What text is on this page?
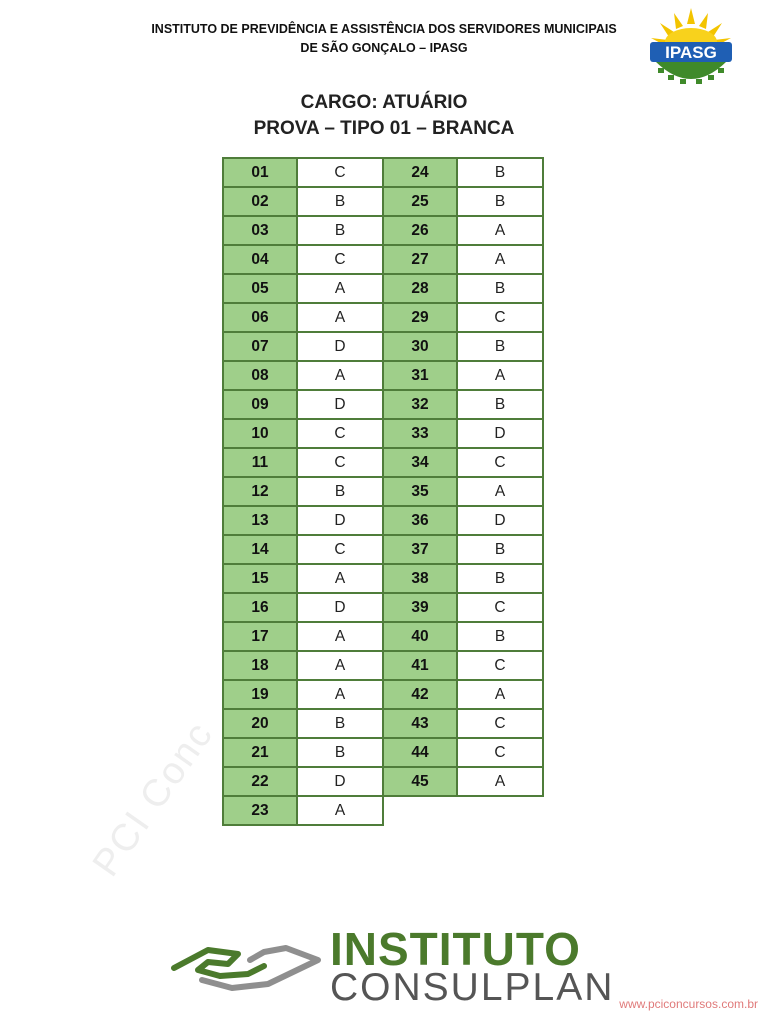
INSTITUTO DE PREVIDÊNCIA E ASSISTÊNCIA DOS SERVIDORES MUNICIPAIS
DE SÃO GONÇALO – IPASG	IPASG
CARGO: ATUÁRIO
PROVA – TIPO 01 – BRANCA
01	C	24	B
02	B	25	B
03	B	26	A
04	C	27	A
05	A	28	B
06	A	29	C
07	D	30	B
08	A	31	A
09	D	32	B
10	C	33	D
11	C	34	C
12	B	35	A
13	D	36	D
14	C	37	B
15	A	38	B
16	D	39	C
17	A	40	B
18	A	41	C
19	A	42	A
20	B	43	C
21	B	44	C
22	D	45	A
23	A		
PCI Conc
INSTITUTO
CONSULPLAN www.pciconcursos.com.br
